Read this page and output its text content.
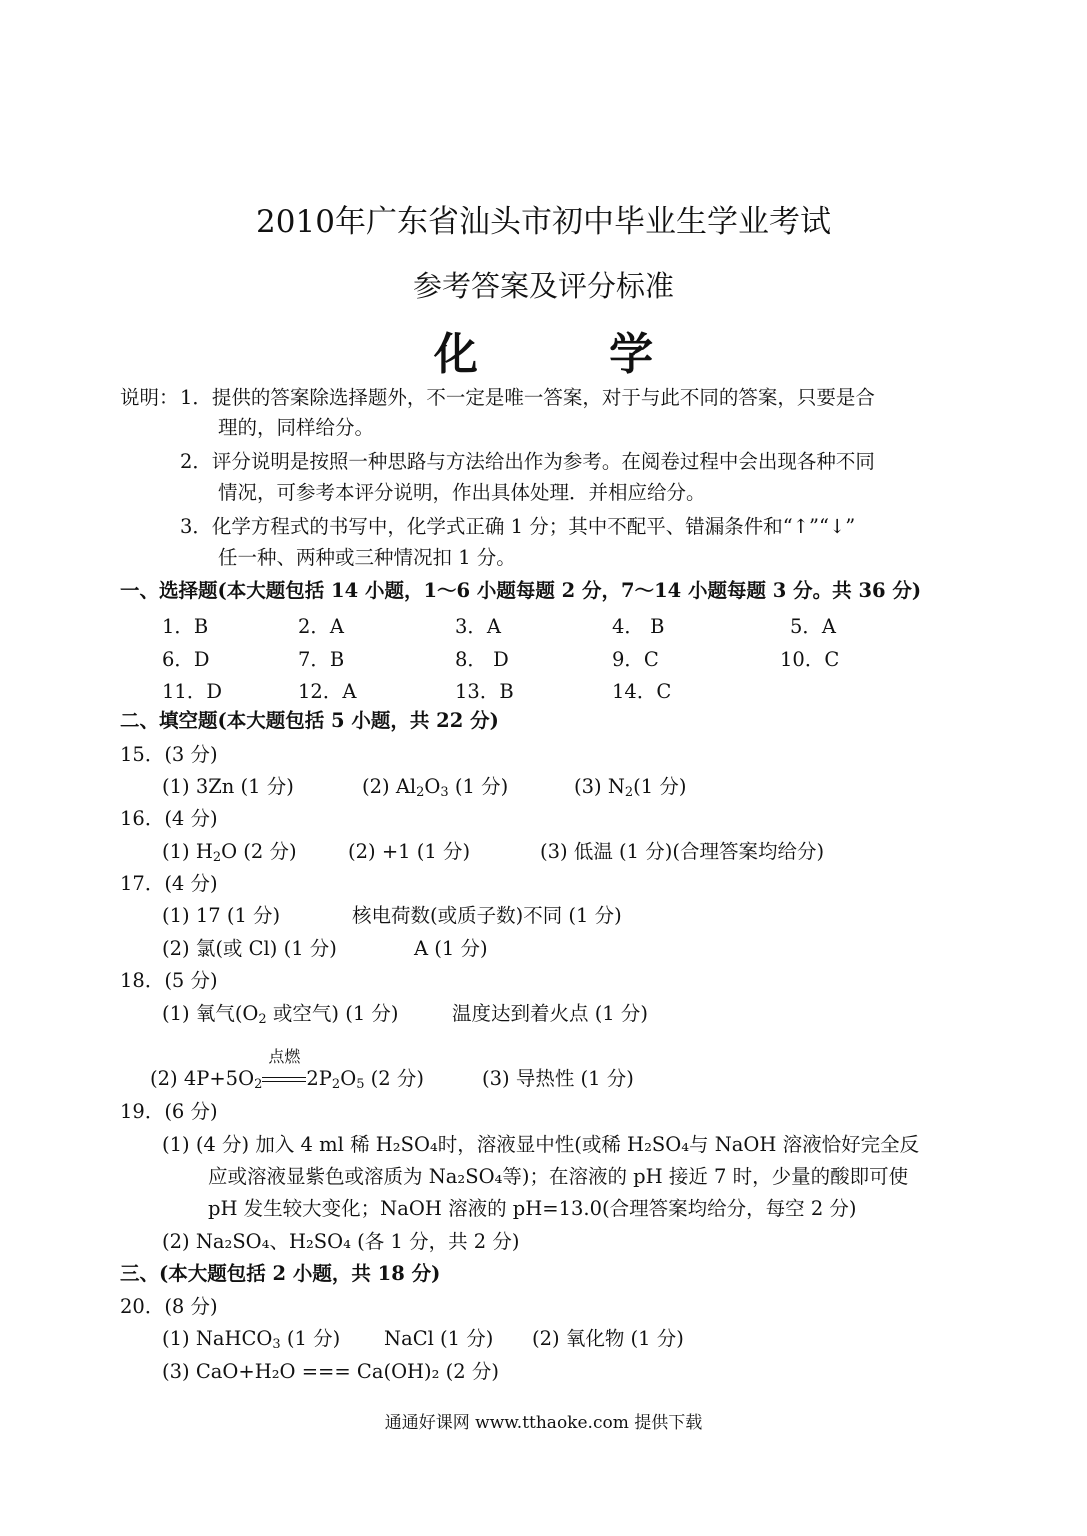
2010年广东省汕头市初中毕业生学业考试
参考答案及评分标准
化 学
说明： 1．提供的答案除选择题外，不一定是唯一答案，对于与此不同的答案，只要是合
理的，同样给分。
2．评分说明是按照一种思路与方法给出作为参考。在阅卷过程中会出现各种不同
情况，可参考本评分说明，作出具体处理．并相应给分。
3．化学方程式的书写中，化学式正确 1 分；其中不配平、错漏条件和“↑”“↓”
任一种、两种或三种情况扣 1 分。
一、选择题(本大题包括 14 小题，1～6 小题每题 2 分，7～14 小题每题 3 分。共 36 分)
1．B	2．A	3．A	4． B	5．A
6．D	7．B	8． D	9．C	10．C
11．D	12．A	13．B	14．C
二、填空题(本大题包括 5 小题，共 22 分)
15．(3 分)
(1) 3Zn (1 分)	(2) $Al_2O_3$ (1 分)	(3) $N_2(1$ 分)
16．(4 分)
(1) $H_2O$ (2 分)	(2) +1 (1 分)	(3) 低温 (1 分)(合理答案均给分)
17．(4 分)
(1) 17 (1 分)	核电荷数(或质子数)不同 (1 分)
(2) 氯(或 Cl) (1 分)	A (1 分)
18．(5 分)
(1) 氧气($O_2$ 或空气) (1 分)	温度达到着火点 (1 分)
(2) $4P+5O_2$
点燃
$2P_2O_5$ (2 分)	(3) 导热性 (1 分)
19．(6 分)
(1) (4 分) 加入 4 ml 稀 H₂SO₄时，溶液显中性(或稀 H₂SO₄与 NaOH 溶液恰好完全反
应或溶液显紫色或溶质为 Na₂SO₄等)；在溶液的 pH 接近 7 时，少量的酸即可使
pH 发生较大变化；NaOH 溶液的 pH=13.0(合理答案均给分，每空 2 分)
(2) Na₂SO₄、H₂SO₄ (各 1 分，共 2 分)
三、(本大题包括 2 小题，共 18 分)
20．(8 分)
(1) NaHCO$_3$ (1 分) NaCl (1 分) (2) 氧化物 (1 分)
(3) CaO+H₂O === Ca(OH)₂ (2 分)
通通好课网 www.tthaoke.com 提供下载
